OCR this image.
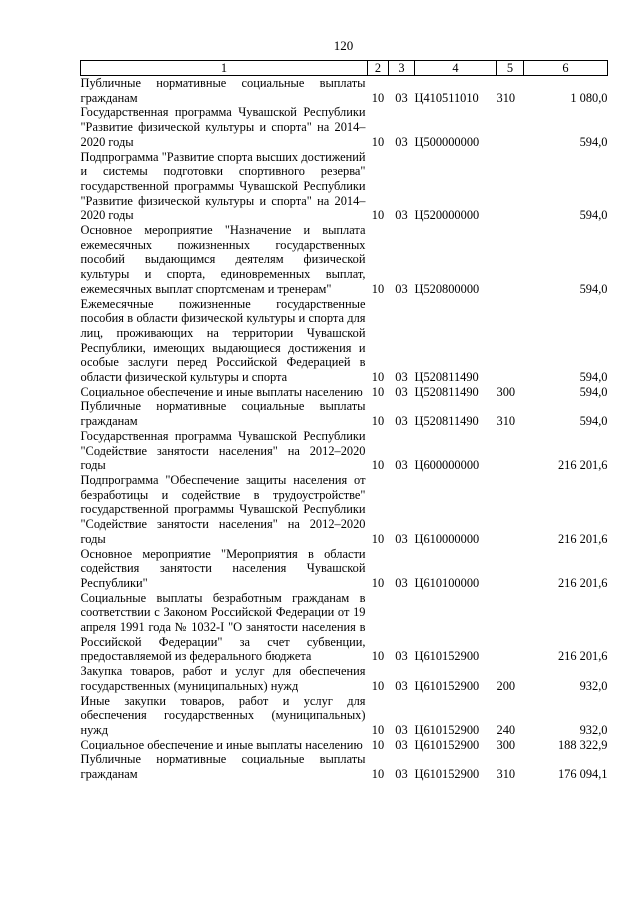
120
1	2	3	4	5	6
Публичные нормативные социальные выплаты гражданам	10	03	Ц410511010	310	1 080,0
Государственная программа Чувашской Республики "Развитие физической культуры и спорта" на 2014–2020 годы	10	03	Ц500000000		594,0
Подпрограмма "Развитие спорта высших достижений и системы подготовки спортивного резерва" государственной программы Чувашской Республики "Развитие физической культуры и спорта" на 2014–2020 годы	10	03	Ц520000000		594,0
Основное мероприятие "Назначение и выплата ежемесячных пожизненных государственных пособий выдающимся деятелям физической культуры и спорта, единовременных выплат, ежемесячных выплат спортсменам и тренерам"	10	03	Ц520800000		594,0
Ежемесячные пожизненные государственные пособия в области физической культуры и спорта для лиц, проживающих на территории Чувашской Республики, имеющих выдающиеся достижения и особые заслуги перед Российской Федерацией в области физической культуры и спорта	10	03	Ц520811490		594,0
Социальное обеспечение и иные выплаты населению	10	03	Ц520811490	300	594,0
Публичные нормативные социальные выплаты гражданам	10	03	Ц520811490	310	594,0
Государственная программа Чувашской Республики "Содействие занятости населения" на 2012–2020 годы	10	03	Ц600000000		216 201,6
Подпрограмма "Обеспечение защиты населения от безработицы и содействие в трудоустройстве" государственной программы Чувашской Республики "Содействие занятости населения" на 2012–2020 годы	10	03	Ц610000000		216 201,6
Основное мероприятие "Мероприятия в области содействия занятости населения Чувашской Республики"	10	03	Ц610100000		216 201,6
Социальные выплаты безработным гражданам в соответствии с Законом Российской Федерации от 19 апреля 1991 года № 1032-I "О занятости населения в Российской Федерации" за счет субвенции, предоставляемой из федерального бюджета	10	03	Ц610152900		216 201,6
Закупка товаров, работ и услуг для обеспечения государственных (муниципальных) нужд	10	03	Ц610152900	200	932,0
Иные закупки товаров, работ и услуг для обеспечения государственных (муниципальных) нужд	10	03	Ц610152900	240	932,0
Социальное обеспечение и иные выплаты населению	10	03	Ц610152900	300	188 322,9
Публичные нормативные социальные выплаты гражданам	10	03	Ц610152900	310	176 094,1
